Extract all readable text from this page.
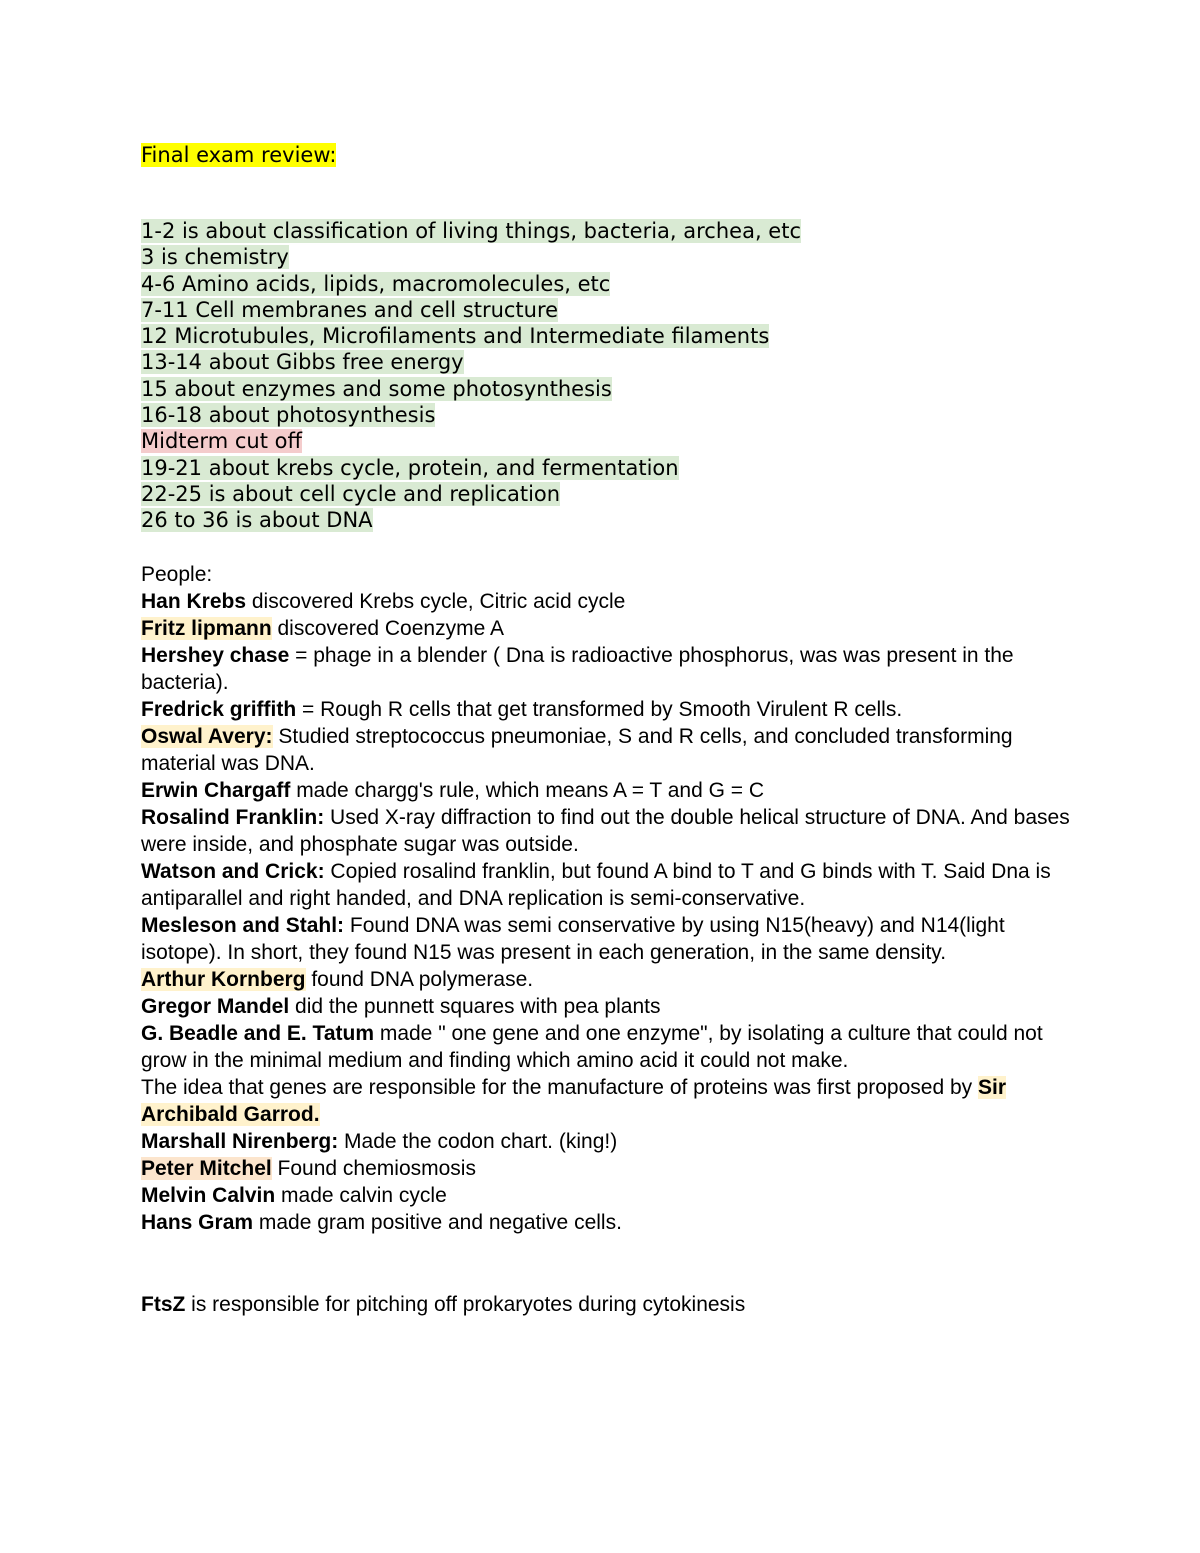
Final exam review:
1-2 is about classification of living things, bacteria, archea, etc
3 is chemistry
4-6 Amino acids, lipids, macromolecules, etc
7-11 Cell membranes and cell structure
12 Microtubules, Microfilaments and Intermediate filaments
13-14 about Gibbs free energy
15 about enzymes and some photosynthesis
16-18 about photosynthesis
Midterm cut off
19-21 about krebs cycle, protein, and fermentation
22-25 is about cell cycle and replication
26 to 36 is about DNA

People:

Han Krebs discovered Krebs cycle, Citric acid cycle

Fritz lipmann discovered Coenzyme A

Hershey chase = phage in a blender ( Dna is radioactive phosphorus, was was present in the bacteria).

Fredrick griffith = Rough R cells that get transformed by Smooth Virulent R cells.

Oswal Avery: Studied streptococcus pneumoniae, S and R cells, and concluded transforming material was DNA.

Erwin Chargaff made chargg's rule, which means A = T and G = C

Rosalind Franklin: Used X-ray diffraction to find out the double helical structure of DNA. And bases were inside, and phosphate sugar was outside.

Watson and Crick: Copied rosalind franklin, but found A bind to T and G binds with T. Said Dna is antiparallel and right handed, and DNA replication is semi-conservative.

Mesleson and Stahl: Found DNA was semi conservative by using N15(heavy) and N14(light isotope). In short, they found N15 was present in each generation, in the same density.

Arthur Kornberg found DNA polymerase.

Gregor Mandel did the punnett squares with pea plants

G. Beadle and E. Tatum made " one gene and one enzyme", by isolating a culture that could not grow in the minimal medium and finding which amino acid it could not make.

The idea that genes are responsible for the manufacture of proteins was first proposed by Sir Archibald Garrod.

Marshall Nirenberg: Made the codon chart. (king!)

Peter Mitchel Found chemiosmosis

Melvin Calvin made calvin cycle

Hans Gram made gram positive and negative cells.

FtsZ is responsible for pitching off prokaryotes during cytokinesis
